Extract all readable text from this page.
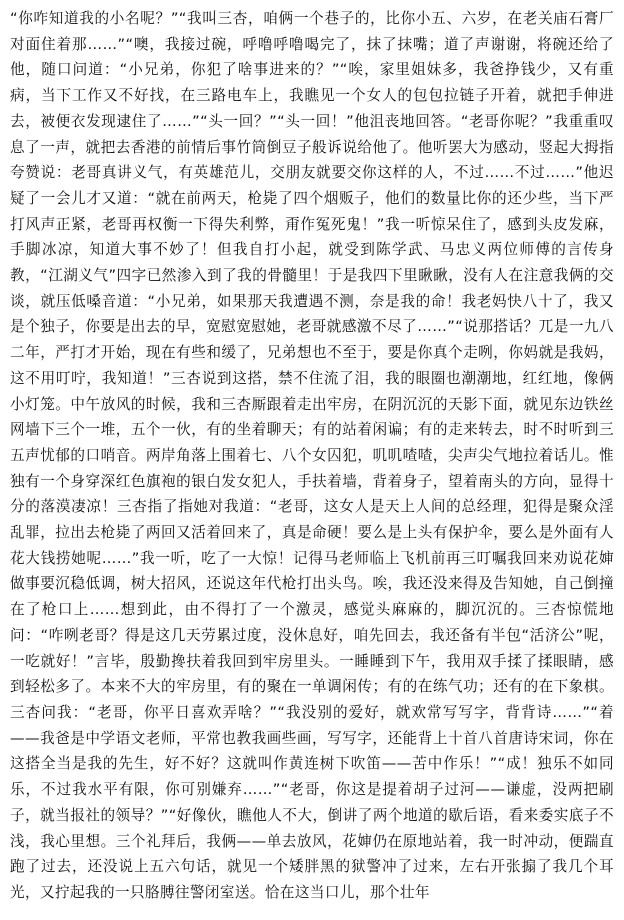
“你咋知道我的小名呢？”“我叫三杏，咱俩一个巷子的，比你小五、六岁，在老关庙石膏厂对面住着那……”“噢，我接过碗，呼噜呼噜喝完了，抹了抹嘴；道了声谢谢，将碗还给了他，随口问道：“小兄弟，你犯了啥事进来的？”“唉，家里姐妹多，我爸挣钱少，又有重病，当下工作又不好找，在三路电车上，我瞧见一个女人的包包拉链子开着，就把手伸进去，被便衣发现逮住了……”“头一回？”“头一回！”他沮丧地回答。“老哥你呢？”我重重叹息了一声，就把去香港的前情后事竹筒倒豆子般诉说给他了。他听罢大为感动，竖起大拇指夸赞说：老哥真讲义气，有英雄范儿，交朋友就要交你这样的人，不过……不过……”他迟疑了一会儿才又道：“就在前两天，枪毙了四个烟贩子，他们的数量比你的还少些，当下严打风声正紧，老哥再权衡一下得失利弊，甭作冤死鬼！”我一听惊呆住了，感到头皮发麻，手脚冰凉，知道大事不妙了！但我自打小起，就受到陈学武、马忠义两位师傅的言传身教，“江湖义气”四字已然渗入到了我的骨髓里！于是我四下里瞅瞅，没有人在注意我俩的交谈，就压低嗓音道：“小兄弟，如果那天我遭遇不测，奈是我的命！我老妈快八十了，我又是个独子，你要是出去的早，宽慰宽慰她，老哥就感激不尽了……”“说那搭话？兀是一九八二年，严打才开始，现在有些和缓了，兄弟想也不至于，要是你真个走咧，你妈就是我妈，这不用叮咛，我知道！”三杏说到这搭，禁不住流了泪，我的眼圈也潮潮地，红红地，像俩小灯笼。中午放风的时候，我和三杏厮跟着走出牢房，在阴沉沉的天影下面，就见东边铁丝网墙下三个一堆，五个一伙，有的坐着聊天；有的站着闲谝；有的走来转去，时不时听到三五声忧郁的口哨音。两岸角落上围着七、八个女囚犯，叽叽喳喳，尖声尖气地拉着话儿。惟独有一个身穿深红色旗袍的银白发女犯人，手扶着墙，背着身子，望着南头的方向，显得十分的落漠凄凉！三杏指了指她对我道：“老哥，这女人是天上人间的总经理，犯得是聚众淫乱罪，拉出去枪毙了两回又活着回来了，真是命硬！要么是上头有保护伞，要么是外面有人花大钱捞她呢……”我一听，吃了一大惊！记得马老师临上飞机前再三叮嘱我回来劝说花婶做事要沉稳低调，树大招风，还说这年代枪打出头鸟。唉，我还没来得及告知她，自己倒撞在了枪口上……想到此，由不得打了一个激灵，感觉头麻麻的，脚沉沉的。三杏惊慌地问：“咋咧老哥？得是这几天劳累过度，没休息好，咱先回去，我还备有半包“活济公”呢，一吃就好！”言毕，殷勤搀扶着我回到牢房里头。一睡睡到下午，我用双手揉了揉眼睛，感到轻松多了。本来不大的牢房里，有的聚在一单调闲传；有的在练气功；还有的在下象棋。三杏问我：“老哥，你平日喜欢弄啥？”“我没别的爱好，就欢常写写字，背背诗……”“着——我爸是中学语文老师，平常也教我画些画，写写字，还能背上十首八首唐诗宋词，你在这搭全当是我的先生，好不好？这就叫作黄连树下吹笛——苦中作乐！”“成！独乐不如同乐，不过我水平有限，你可别嫌弃……”“老哥，你这是提着胡子过河——谦虚，没两把刷子，就当报社的领导？”“好像伙，瞧他人不大，倒讲了两个地道的歇后语，看来委实底子不浅，我心里想。三个礼拜后，我俩——单去放风，花婶仍在原地站着，我一时冲动，便踹直跑了过去，还没说上五六句话，就见一个矮胖黑的狱警冲了过来，左右开张搧了我几个耳光，又拧起我的一只胳膊往警闭室送。恰在这当口儿，那个壮年
